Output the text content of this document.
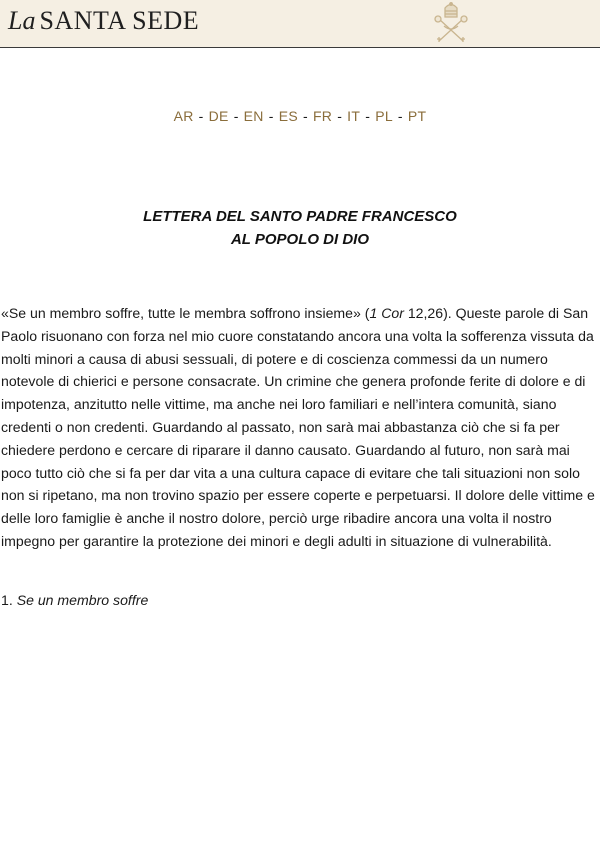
La SANTA SEDE
AR - DE - EN - ES - FR - IT - PL - PT
LETTERA DEL SANTO PADRE FRANCESCO
AL POPOLO DI DIO

«Se un membro soffre, tutte le membra soffrono insieme» (1 Cor 12,26). Queste parole di San Paolo risuonano con forza nel mio cuore constatando ancora una volta la sofferenza vissuta da molti minori a causa di abusi sessuali, di potere e di coscienza commessi da un numero notevole di chierici e persone consacrate. Un crimine che genera profonde ferite di dolore e di impotenza, anzitutto nelle vittime, ma anche nei loro familiari e nell’intera comunità, siano credenti o non credenti. Guardando al passato, non sarà mai abbastanza ciò che si fa per chiedere perdono e cercare di riparare il danno causato. Guardando al futuro, non sarà mai poco tutto ciò che si fa per dar vita a una cultura capace di evitare che tali situazioni non solo non si ripetano, ma non trovino spazio per essere coperte e perpetuarsi. Il dolore delle vittime e delle loro famiglie è anche il nostro dolore, perciò urge ribadire ancora una volta il nostro impegno per garantire la protezione dei minori e degli adulti in situazione di vulnerabilità.

1. Se un membro soffre
